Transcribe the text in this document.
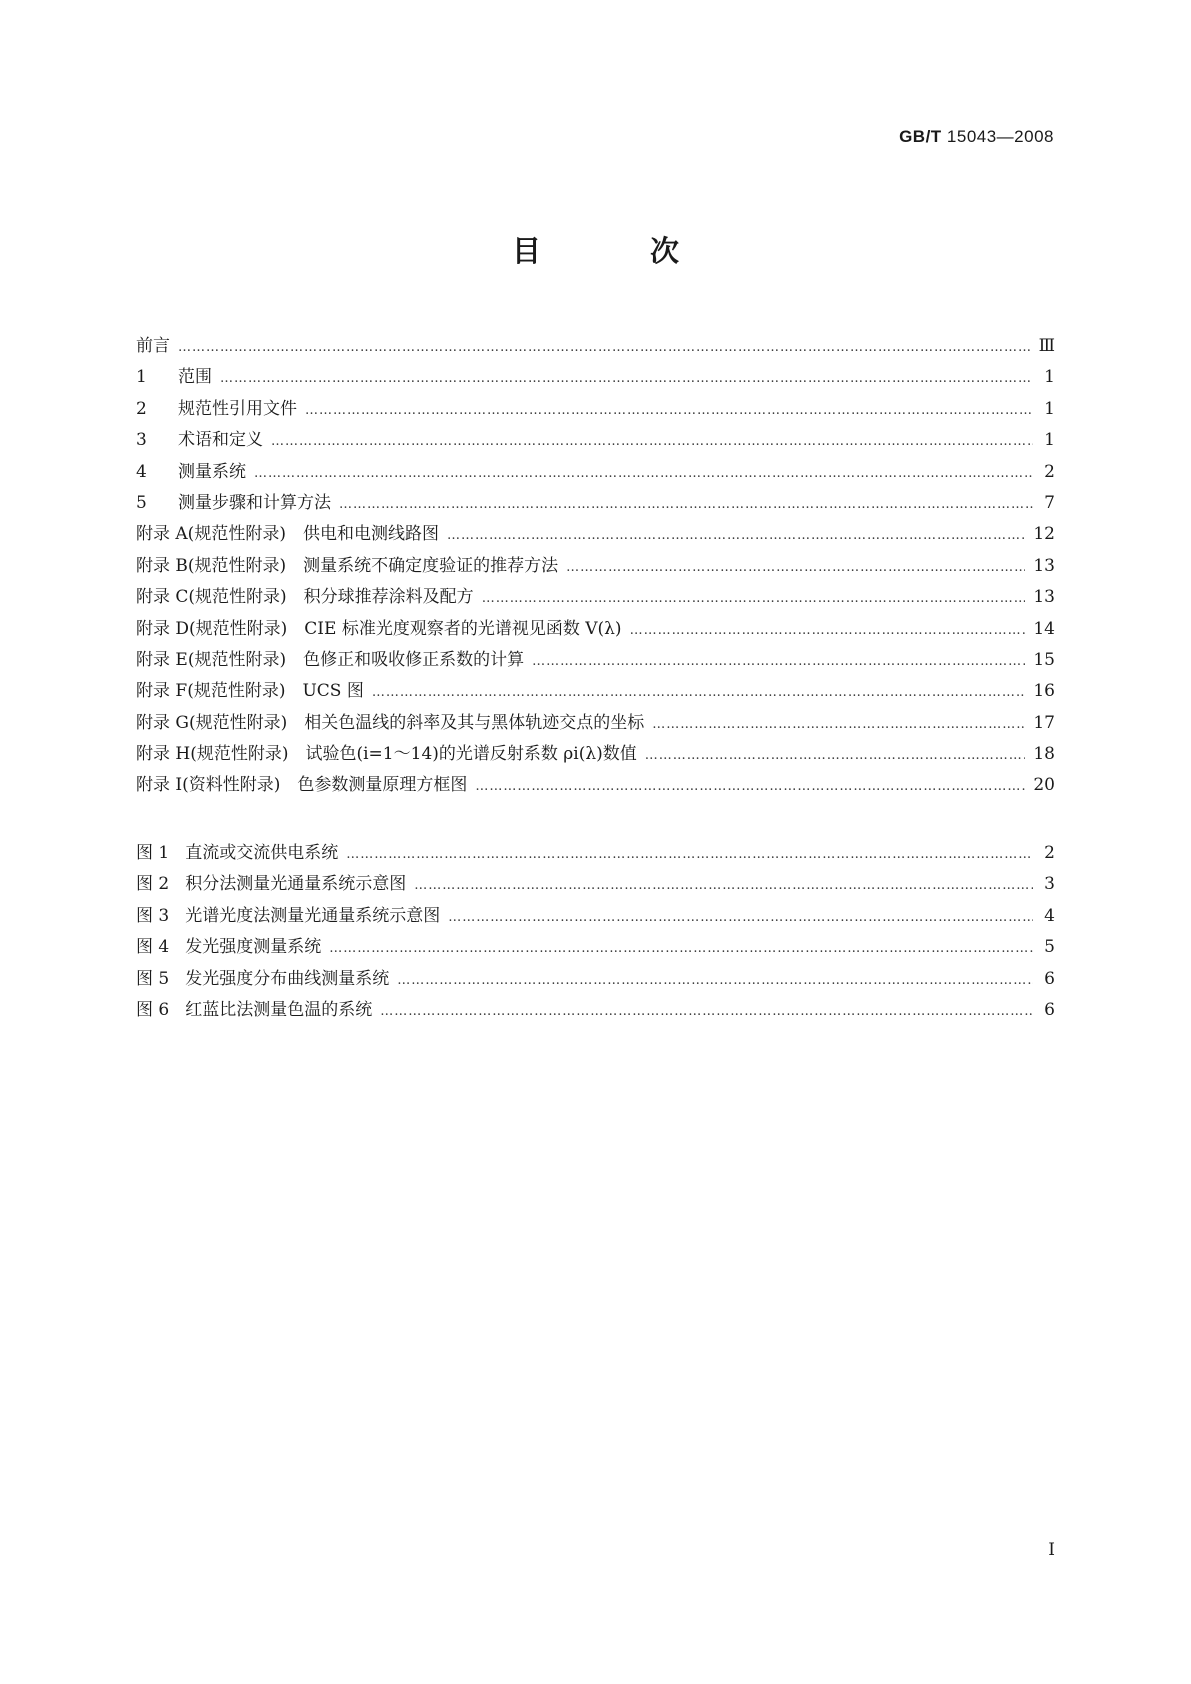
GB/T 15043—2008
目　次
前言 …………………………………………………………………………………………………………………………………………………………………………………………………………………………………………………	Ⅲ
1 范围 …………………………………………………………………………………………………………………………………………………………………………………………………………………………………………………	1
2 规范性引用文件 …………………………………………………………………………………………………………………………………………………………………………………………………………………………………………………	1
3 术语和定义 …………………………………………………………………………………………………………………………………………………………………………………………………………………………………………………	1
4 测量系统 …………………………………………………………………………………………………………………………………………………………………………………………………………………………………………………	2
5 测量步骤和计算方法 …………………………………………………………………………………………………………………………………………………………………………………………………………………………………………………	7
附录 A(规范性附录)　供电和电测线路图 …………………………………………………………………………………………………………………………………………………………………………………………………………………………………………………	12
附录 B(规范性附录)　测量系统不确定度验证的推荐方法 …………………………………………………………………………………………………………………………………………………………………………………………………………………………………………………	13
附录 C(规范性附录)　积分球推荐涂料及配方 …………………………………………………………………………………………………………………………………………………………………………………………………………………………………………………	13
附录 D(规范性附录)　CIE 标准光度观察者的光谱视见函数 V(λ) …………………………………………………………………………………………………………………………………………………………………………………………………………………………………………………	14
附录 E(规范性附录)　色修正和吸收修正系数的计算 …………………………………………………………………………………………………………………………………………………………………………………………………………………………………………………	15
附录 F(规范性附录)　UCS 图 …………………………………………………………………………………………………………………………………………………………………………………………………………………………………………………	16
附录 G(规范性附录)　相关色温线的斜率及其与黑体轨迹交点的坐标 …………………………………………………………………………………………………………………………………………………………………………………………………………………………………………………	17
附录 H(规范性附录)　试验色(i=1～14)的光谱反射系数 ρi(λ)数值 …………………………………………………………………………………………………………………………………………………………………………………………………………………………………………………	18
附录 I(资料性附录)　色参数测量原理方框图 …………………………………………………………………………………………………………………………………………………………………………………………………………………………………………………	20
图 1 直流或交流供电系统 …………………………………………………………………………………………………………………………………………………………………………………………………………………………………………………	2
图 2 积分法测量光通量系统示意图 …………………………………………………………………………………………………………………………………………………………………………………………………………………………………………………	3
图 3 光谱光度法测量光通量系统示意图 …………………………………………………………………………………………………………………………………………………………………………………………………………………………………………………	4
图 4 发光强度测量系统 …………………………………………………………………………………………………………………………………………………………………………………………………………………………………………………	5
图 5 发光强度分布曲线测量系统 …………………………………………………………………………………………………………………………………………………………………………………………………………………………………………………	6
图 6 红蓝比法测量色温的系统 …………………………………………………………………………………………………………………………………………………………………………………………………………………………………………………	6
I
